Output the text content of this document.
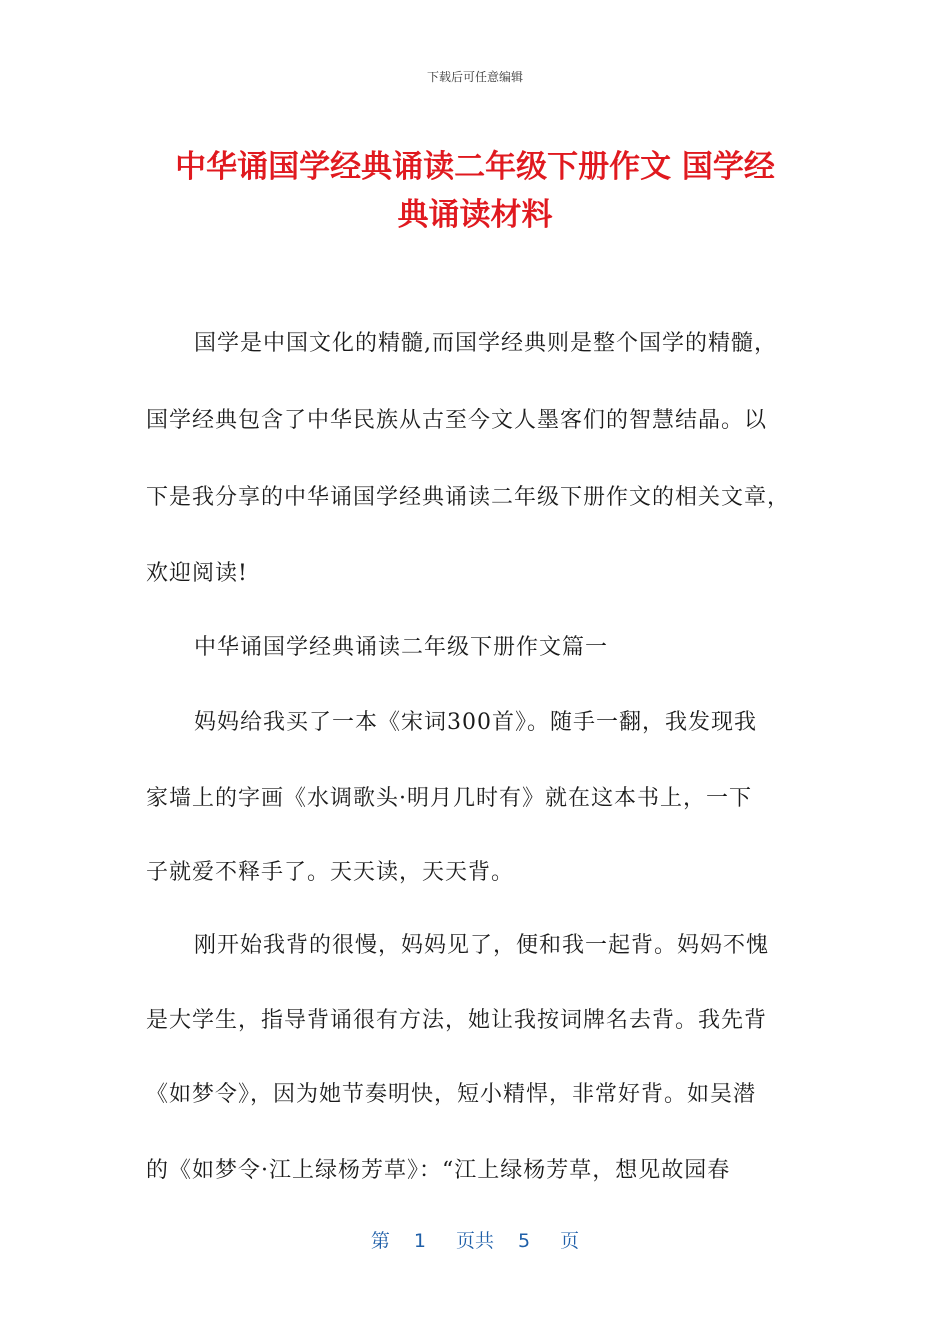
下载后可任意编辑
中华诵国学经典诵读二年级下册作文 国学经
典诵读材料
国学是中国文化的精髓,而国学经典则是整个国学的精髓，
国学经典包含了中华民族从古至今文人墨客们的智慧结晶。以
下是我分享的中华诵国学经典诵读二年级下册作文的相关文章，
欢迎阅读!
中华诵国学经典诵读二年级下册作文篇一
妈妈给我买了一本《宋词300首》。随手一翻，我发现我
家墙上的字画《水调歌头·明月几时有》就在这本书上，一下
子就爱不释手了。天天读，天天背。
刚开始我背的很慢，妈妈见了，便和我一起背。妈妈不愧
是大学生，指导背诵很有方法，她让我按词牌名去背。我先背
《如梦令》，因为她节奏明快，短小精悍，非常好背。如吴潜
的《如梦令·江上绿杨芳草》：“江上绿杨芳草，想见故园春
第 1 页共 5 页
